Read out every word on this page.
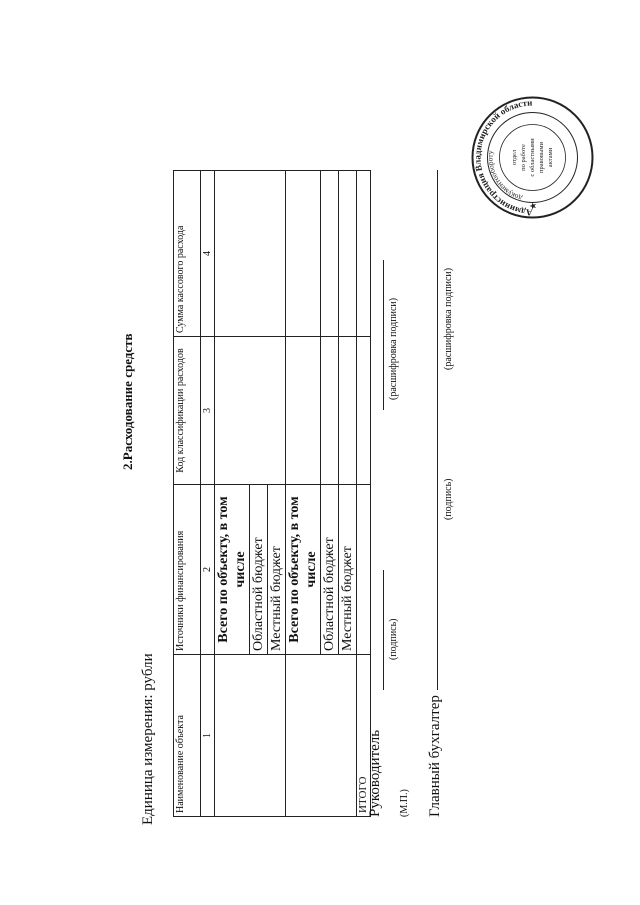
2.Расходование средств
Единица измерения: рубли Наименование объекта	Источники финансирования	Код классификации расходов	Сумма кассового расхода
1	2	3	4
	Всего по объекту, в том числе		
	Областной бюджет		
	Местный бюджет		
	Всего по объекту, в том числе		
	Областной бюджет		
	Местный бюджет		
ИТОГО			
Руководитель
(подпись)
(расшифровка подписи)
(М.П.) Главный бухгалтер
(подпись)
(расшифровка подписи)
Администрация Владимирской области
документообороту	отдел по работе с областными правовыми актами
★
